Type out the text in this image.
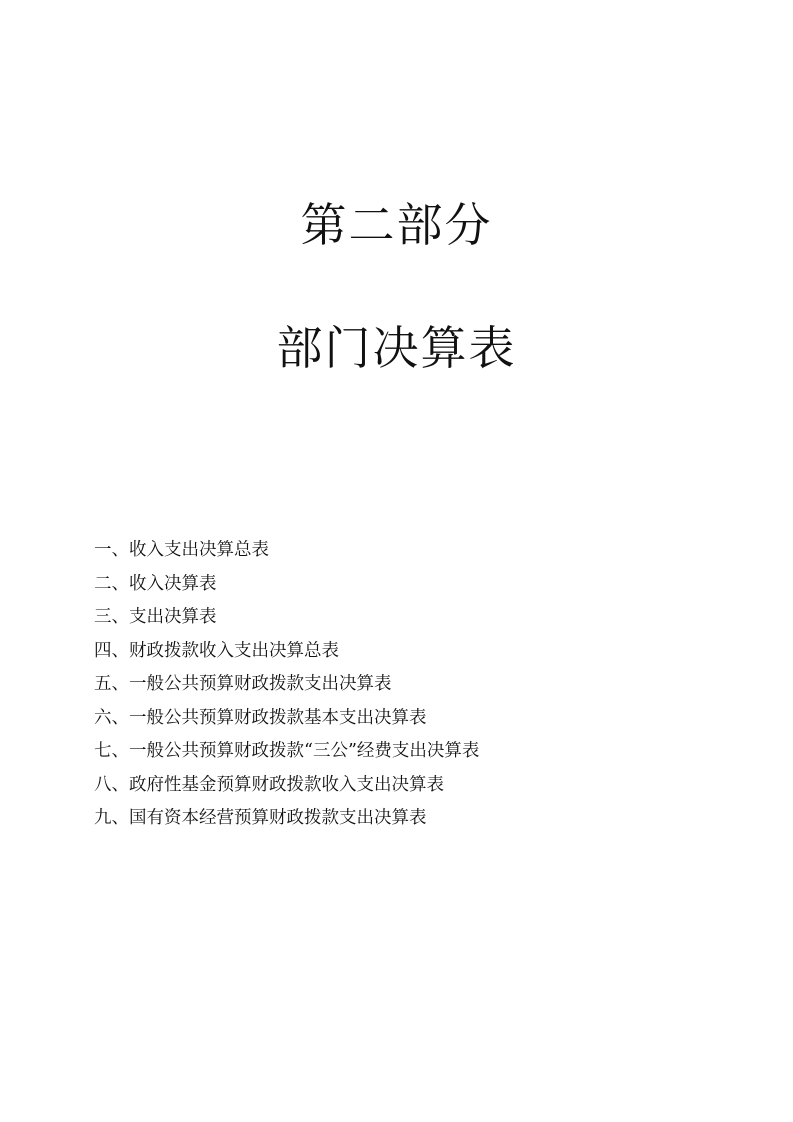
第二部分
部门决算表
一、收入支出决算总表
二、收入决算表
三、支出决算表
四、财政拨款收入支出决算总表
五、一般公共预算财政拨款支出决算表
六、一般公共预算财政拨款基本支出决算表
七、一般公共预算财政拨款“三公”经费支出决算表
八、政府性基金预算财政拨款收入支出决算表
九、国有资本经营预算财政拨款支出决算表
